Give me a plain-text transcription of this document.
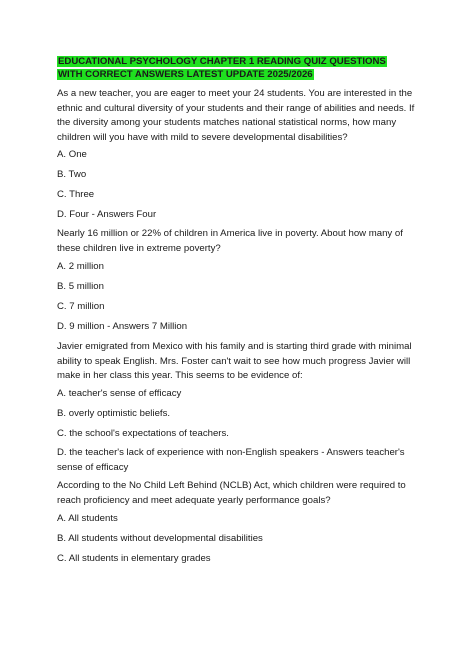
EDUCATIONAL PSYCHOLOGY CHAPTER 1 READING QUIZ QUESTIONS WITH CORRECT ANSWERS LATEST UPDATE 2025/2026
As a new teacher, you are eager to meet your 24 students. You are interested in the ethnic and cultural diversity of your students and their range of abilities and needs. If the diversity among your students matches national statistical norms, how many children will you have with mild to severe developmental disabilities?
A. One
B. Two
C. Three
D. Four - Answers Four
Nearly 16 million or 22% of children in America live in poverty. About how many of these children live in extreme poverty?
A. 2 million
B. 5 million
C. 7 million
D. 9 million - Answers 7 Million
Javier emigrated from Mexico with his family and is starting third grade with minimal ability to speak English. Mrs. Foster can't wait to see how much progress Javier will make in her class this year. This seems to be evidence of:
A. teacher's sense of efficacy
B. overly optimistic beliefs.
C. the school's expectations of teachers.
D. the teacher's lack of experience with non-English speakers - Answers teacher's sense of efficacy
According to the No Child Left Behind (NCLB) Act, which children were required to reach proficiency and meet adequate yearly performance goals?
A. All students
B. All students without developmental disabilities
C. All students in elementary grades
